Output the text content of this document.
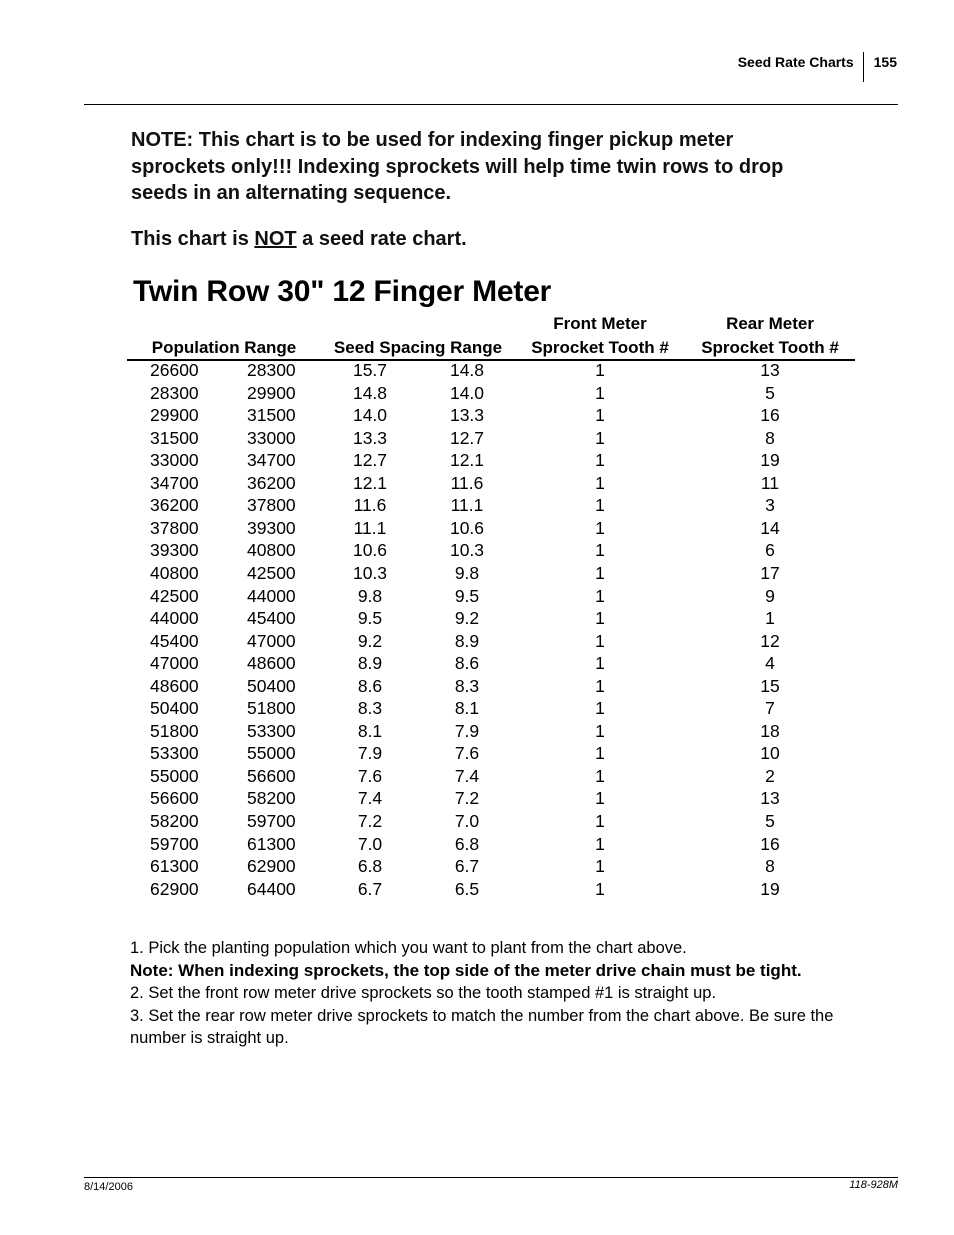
Seed Rate Charts 155
NOTE: This chart is to be used for indexing finger pickup meter sprockets only!!! Indexing sprockets will help time twin rows to drop seeds in an alternating sequence.
This chart is NOT a seed rate chart.
Twin Row 30" 12 Finger Meter
Front Meter	Rear Meter
Population Range	Seed Spacing Range	Sprocket Tooth #	Sprocket Tooth #
26600	28300	15.7	14.8	1	13
28300	29900	14.8	14.0	1	5
29900	31500	14.0	13.3	1	16
31500	33000	13.3	12.7	1	8
33000	34700	12.7	12.1	1	19
34700	36200	12.1	11.6	1	11
36200	37800	11.6	11.1	1	3
37800	39300	11.1	10.6	1	14
39300	40800	10.6	10.3	1	6
40800	42500	10.3	9.8	1	17
42500	44000	9.8	9.5	1	9
44000	45400	9.5	9.2	1	1
45400	47000	9.2	8.9	1	12
47000	48600	8.9	8.6	1	4
48600	50400	8.6	8.3	1	15
50400	51800	8.3	8.1	1	7
51800	53300	8.1	7.9	1	18
53300	55000	7.9	7.6	1	10
55000	56600	7.6	7.4	1	2
56600	58200	7.4	7.2	1	13
58200	59700	7.2	7.0	1	5
59700	61300	7.0	6.8	1	16
61300	62900	6.8	6.7	1	8
62900	64400	6.7	6.5	1	19

1. Pick the planting population which you want to plant from the chart above.

Note: When indexing sprockets, the top side of the meter drive chain must be tight.

2. Set the front row meter drive sprockets so the tooth stamped #1 is straight up.

3. Set the rear row meter drive sprockets to match the number from the chart above. Be sure the number is straight up.

8/14/2006	118-928M
